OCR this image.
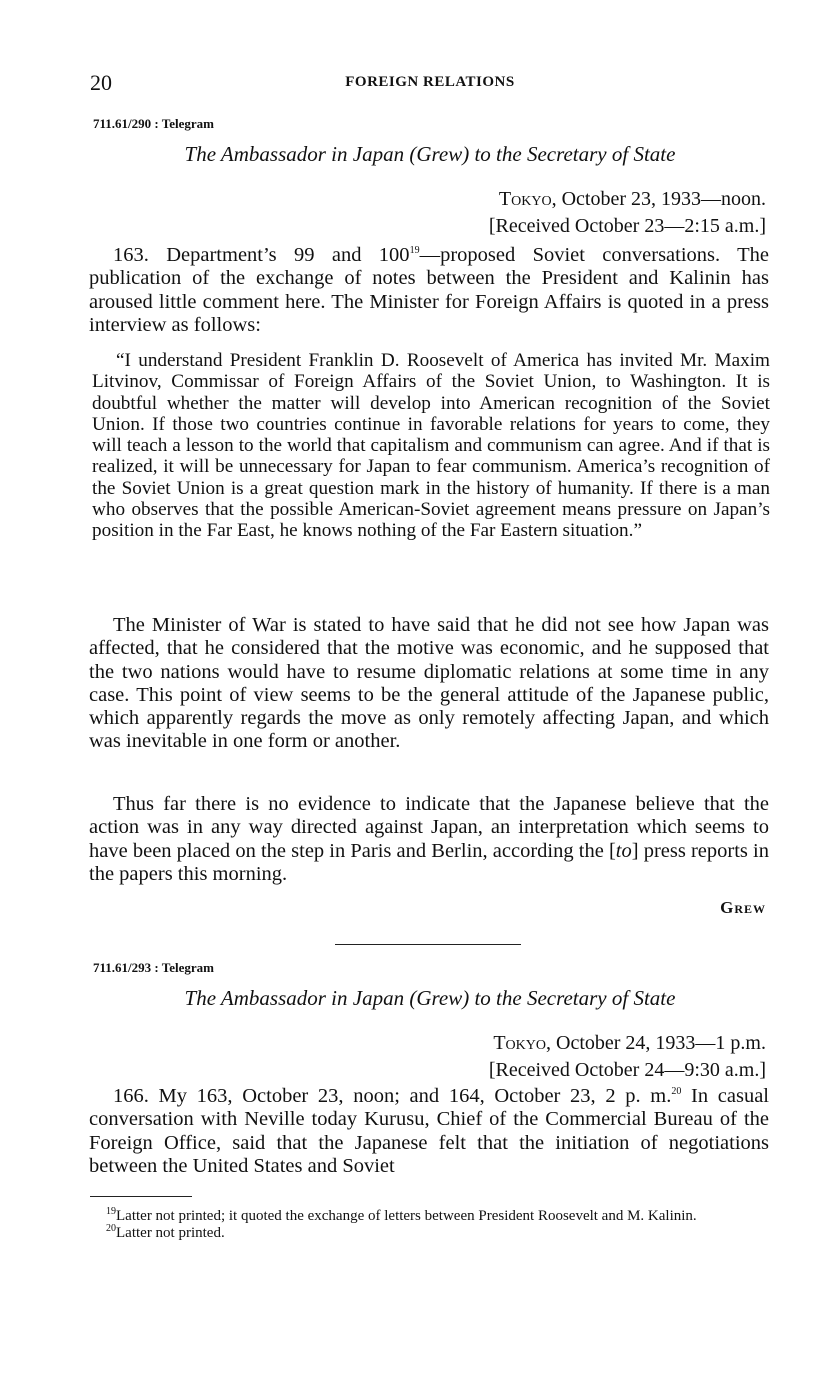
20	FOREIGN RELATIONS
711.61/290 : Telegram
The Ambassador in Japan (Grew) to the Secretary of State
Tokyo, October 23, 1933—noon.
[Received October 23—2:15 a.m.]

163. Department’s 99 and $100^{19}—proposed$ Soviet conversations. The publication of the exchange of notes between the President and Kalinin has aroused little comment here. The Minister for Foreign Affairs is quoted in a press interview as follows:

“I understand President Franklin D. Roosevelt of America has invited Mr. Maxim Litvinov, Commissar of Foreign Affairs of the Soviet Union, to Washington. It is doubtful whether the matter will develop into American recognition of the Soviet Union. If those two countries continue in favorable relations for years to come, they will teach a lesson to the world that capitalism and communism can agree. And if that is realized, it will be unnecessary for Japan to fear communism. America’s recognition of the Soviet Union is a great question mark in the history of humanity. If there is a man who observes that the possible American-Soviet agreement means pressure on Japan’s position in the Far East, he knows nothing of the Far Eastern situation.”

The Minister of War is stated to have said that he did not see how Japan was affected, that he considered that the motive was economic, and he supposed that the two nations would have to resume diplomatic relations at some time in any case. This point of view seems to be the general attitude of the Japanese public, which apparently regards the move as only remotely affecting Japan, and which was inevitable in one form or another.

Thus far there is no evidence to indicate that the Japanese believe that the action was in any way directed against Japan, an interpretation which seems to have been placed on the step in Paris and Berlin, according the [to] press reports in the papers this morning.

Grew
711.61/293 : Telegram
The Ambassador in Japan (Grew) to the Secretary of State
Tokyo, October 24, 1933—1 p.m.
[Received October 24—9:30 a.m.]

166. My 163, October 23, noon; and 164, October 23, 2 p. m.$^{20}$ In casual conversation with Neville today Kurusu, Chief of the Commercial Bureau of the Foreign Office, said that the Japanese felt that the initiation of negotiations between the United States and Soviet

$^{19}$Latter not printed; it quoted the exchange of letters between President Roosevelt and M. Kalinin.

$^{20}$Latter not printed.
